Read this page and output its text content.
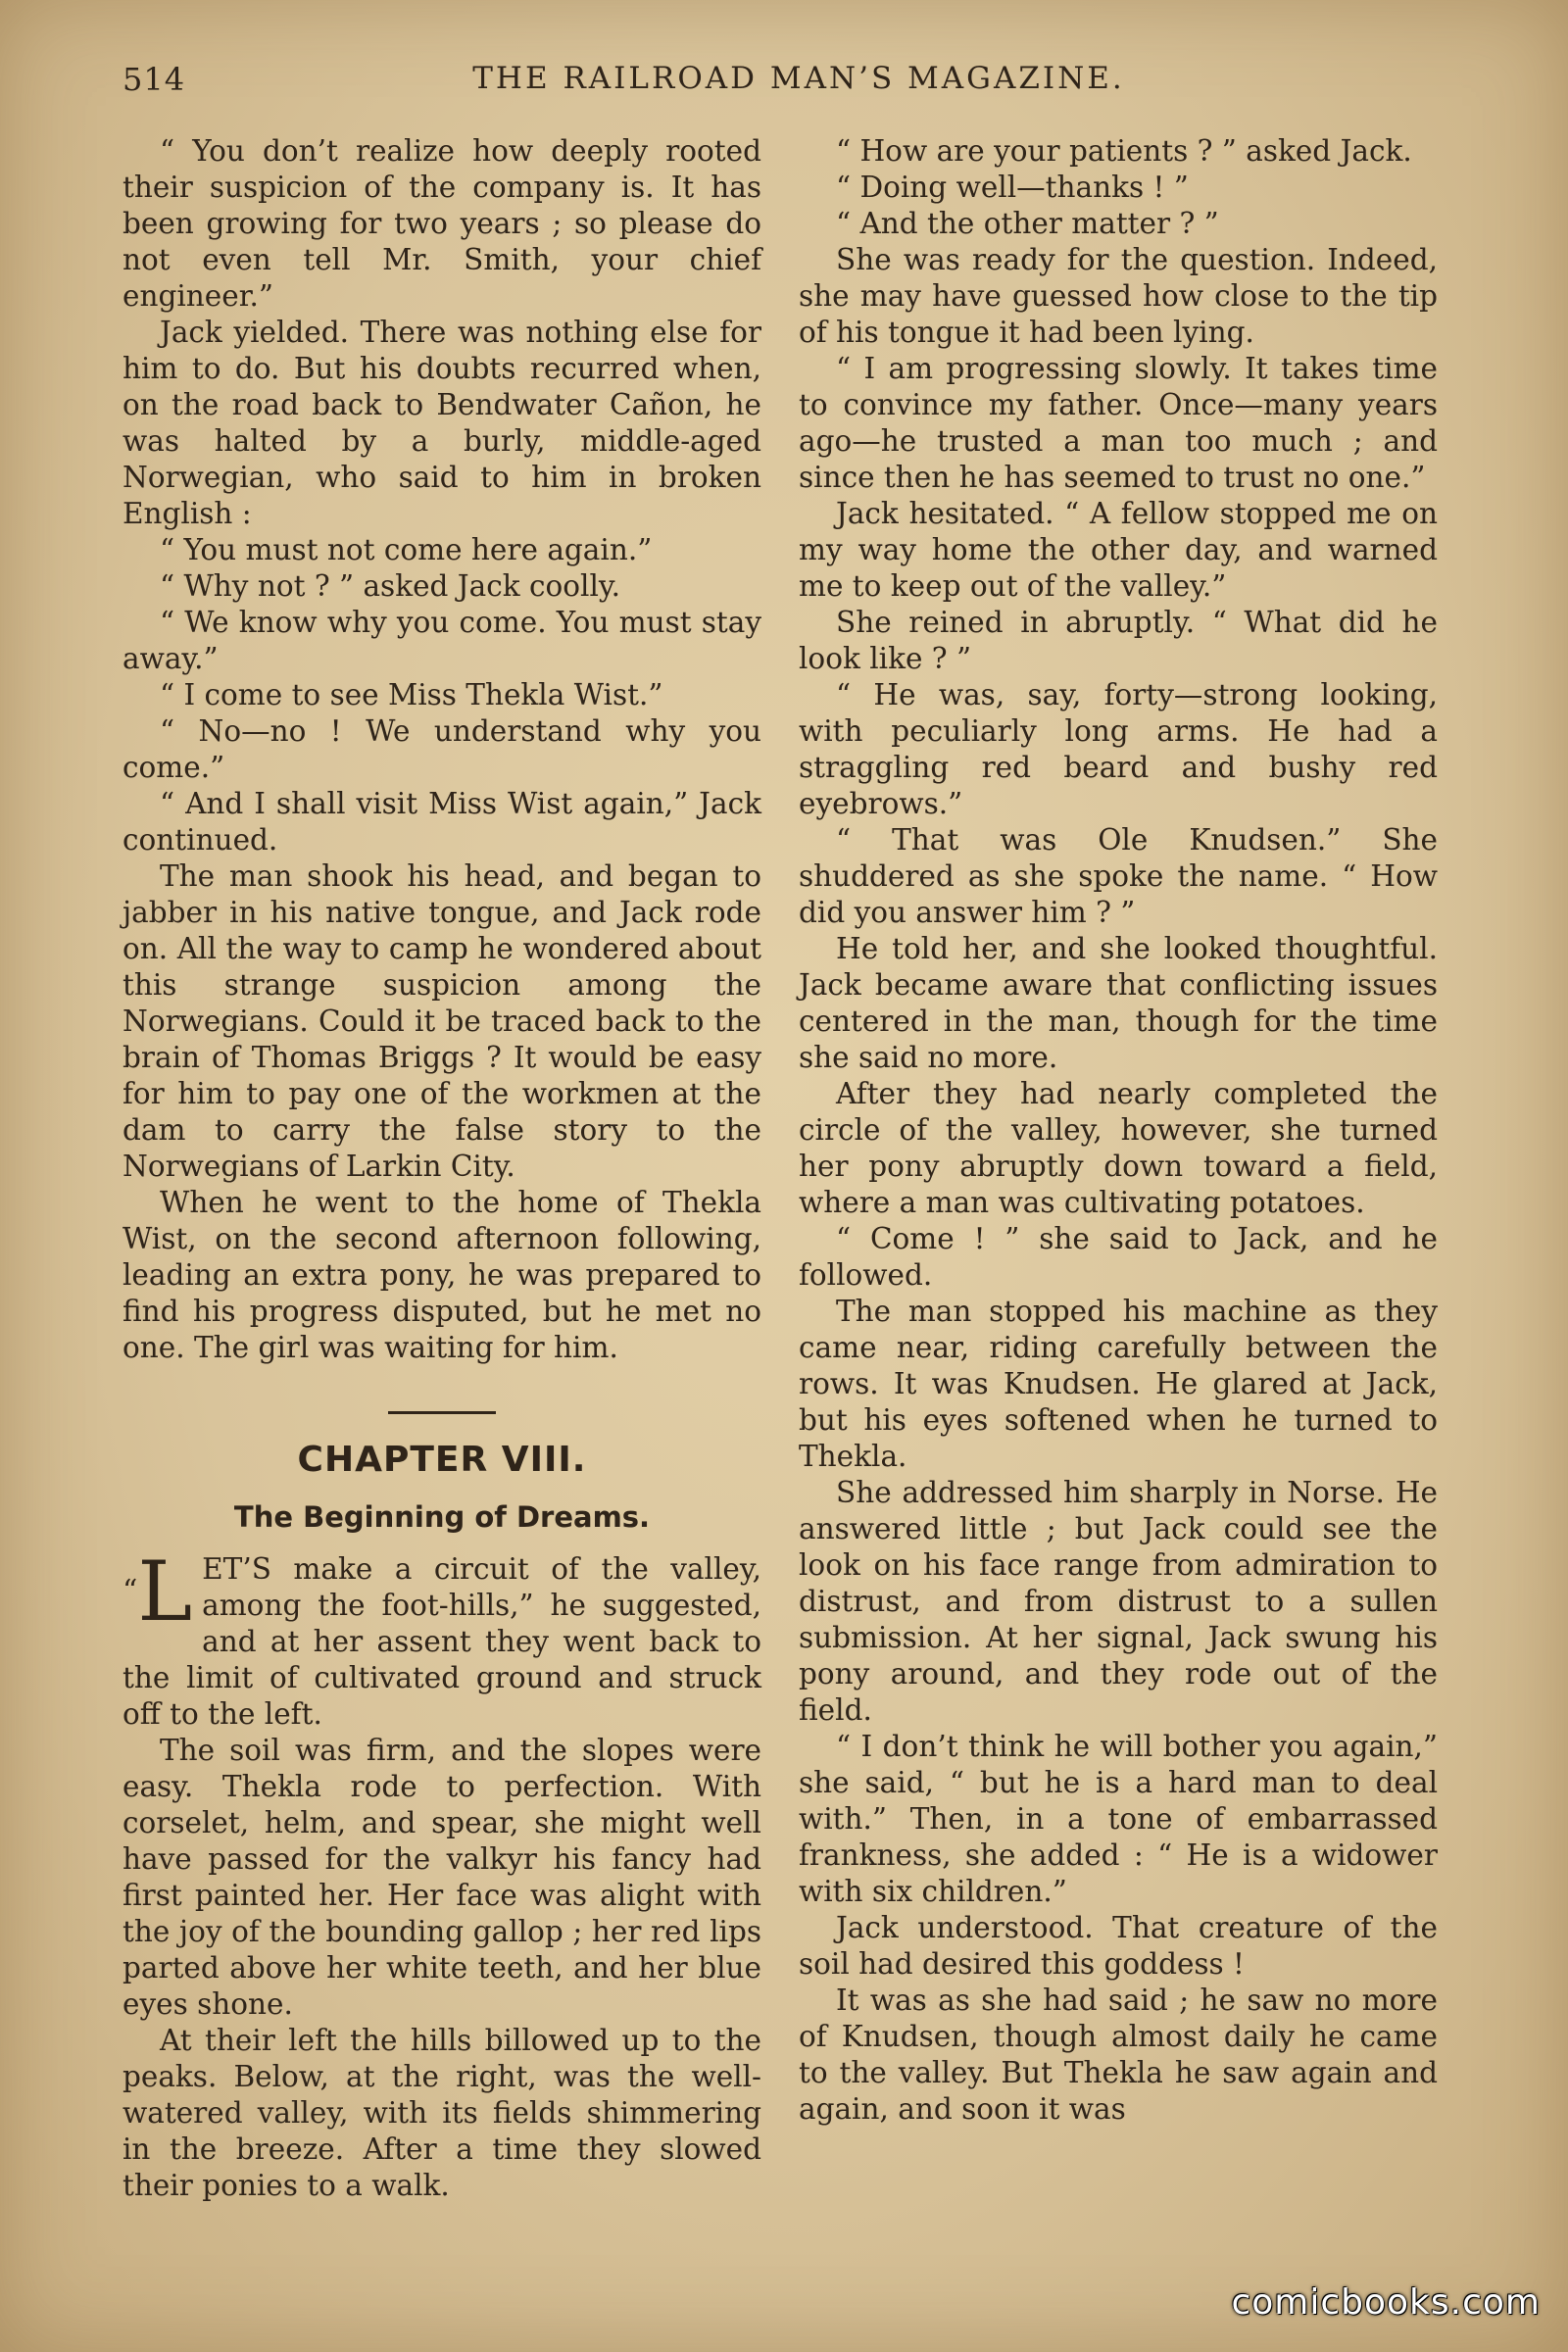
514	THE RAILROAD MAN’S MAGAZINE.

“ You don’t realize how deeply rooted their suspicion of the company is. It has been growing for two years ; so please do not even tell Mr. Smith, your chief engineer.”

Jack yielded. There was nothing else for him to do. But his doubts recurred when, on the road back to Bendwater Cañon, he was halted by a burly, middle-aged Norwegian, who said to him in broken English :

“ You must not come here again.”

“ Why not ? ” asked Jack coolly.

“ We know why you come. You must stay away.”

“ I come to see Miss Thekla Wist.”

“ No—no ! We understand why you come.”

“ And I shall visit Miss Wist again,” Jack continued.

The man shook his head, and began to jabber in his native tongue, and Jack rode on. All the way to camp he wondered about this strange suspicion among the Norwegians. Could it be traced back to the brain of Thomas Briggs ? It would be easy for him to pay one of the workmen at the dam to carry the false story to the Norwegians of Larkin City.

When he went to the home of Thekla Wist, on the second afternoon following, leading an extra pony, he was prepared to find his progress disputed, but he met no one. The girl was waiting for him.

CHAPTER VIII.
The Beginning of Dreams.

“L ET’S make a circuit of the valley, among the foot-hills,” he suggested, and at her assent they went back to the limit of cultivated ground and struck off to the left.

The soil was firm, and the slopes were easy. Thekla rode to perfection. With corselet, helm, and spear, she might well have passed for the valkyr his fancy had first painted her. Her face was alight with the joy of the bounding gallop ; her red lips parted above her white teeth, and her blue eyes shone.

At their left the hills billowed up to the peaks. Below, at the right, was the well-watered valley, with its fields shimmering in the breeze. After a time they slowed their ponies to a walk.

“ How are your patients ? ” asked Jack.

“ Doing well—thanks ! ”

“ And the other matter ? ”

She was ready for the question. Indeed, she may have guessed how close to the tip of his tongue it had been lying.

“ I am progressing slowly. It takes time to convince my father. Once—many years ago—he trusted a man too much ; and since then he has seemed to trust no one.”

Jack hesitated. “ A fellow stopped me on my way home the other day, and warned me to keep out of the valley.”

She reined in abruptly. “ What did he look like ? ”

“ He was, say, forty—strong looking, with peculiarly long arms. He had a straggling red beard and bushy red eyebrows.”

“ That was Ole Knudsen.” She shuddered as she spoke the name. “ How did you answer him ? ”

He told her, and she looked thoughtful. Jack became aware that conflicting issues centered in the man, though for the time she said no more.

After they had nearly completed the circle of the valley, however, she turned her pony abruptly down toward a field, where a man was cultivating potatoes.

“ Come ! ” she said to Jack, and he followed.

The man stopped his machine as they came near, riding carefully between the rows. It was Knudsen. He glared at Jack, but his eyes softened when he turned to Thekla.

She addressed him sharply in Norse. He answered little ; but Jack could see the look on his face range from admiration to distrust, and from distrust to a sullen submission. At her signal, Jack swung his pony around, and they rode out of the field.

“ I don’t think he will bother you again,” she said, “ but he is a hard man to deal with.” Then, in a tone of embarrassed frankness, she added : “ He is a widower with six children.”

Jack understood. That creature of the soil had desired this goddess !

It was as she had said ; he saw no more of Knudsen, though almost daily he came to the valley. But Thekla he saw again and again, and soon it was

comicbooks.com
